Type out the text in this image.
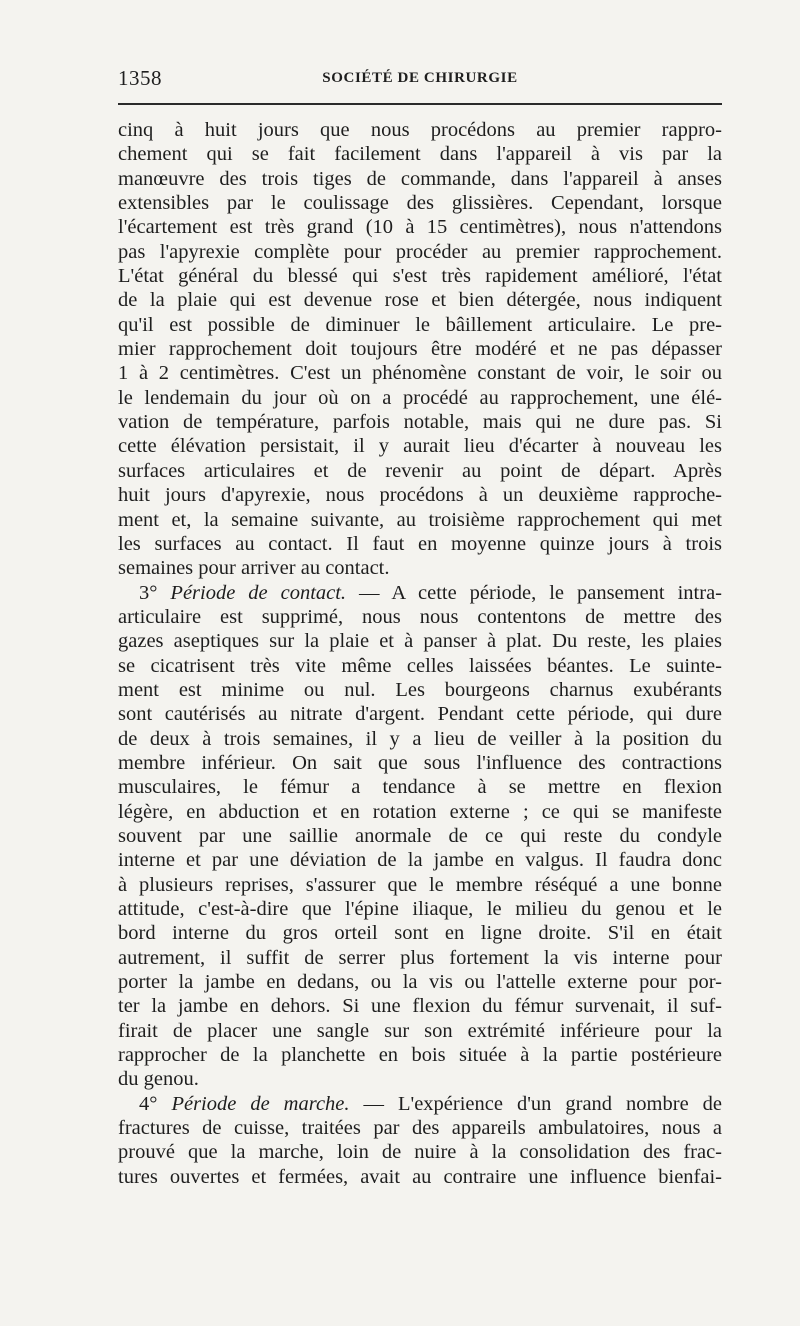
1358	SOCIÉTÉ DE CHIRURGIE
cinq à huit jours que nous procédons au premier rappro-
chement qui se fait facilement dans l'appareil à vis par la
manœuvre des trois tiges de commande, dans l'appareil à anses
extensibles par le coulissage des glissières. Cependant, lorsque
l'écartement est très grand (10 à 15 centimètres), nous n'attendons
pas l'apyrexie complète pour procéder au premier rapprochement.
L'état général du blessé qui s'est très rapidement amélioré, l'état
de la plaie qui est devenue rose et bien détergée, nous indiquent
qu'il est possible de diminuer le bâillement articulaire. Le pre-
mier rapprochement doit toujours être modéré et ne pas dépasser
1 à 2 centimètres. C'est un phénomène constant de voir, le soir ou
le lendemain du jour où on a procédé au rapprochement, une élé-
vation de température, parfois notable, mais qui ne dure pas. Si
cette élévation persistait, il y aurait lieu d'écarter à nouveau les
surfaces articulaires et de revenir au point de départ. Après
huit jours d'apyrexie, nous procédons à un deuxième rapproche-
ment et, la semaine suivante, au troisième rapprochement qui met
les surfaces au contact. Il faut en moyenne quinze jours à trois
semaines pour arriver au contact.
3° Période de contact. — A cette période, le pansement intra-
articulaire est supprimé, nous nous contentons de mettre des
gazes aseptiques sur la plaie et à panser à plat. Du reste, les plaies
se cicatrisent très vite même celles laissées béantes. Le suinte-
ment est minime ou nul. Les bourgeons charnus exubérants
sont cautérisés au nitrate d'argent. Pendant cette période, qui dure
de deux à trois semaines, il y a lieu de veiller à la position du
membre inférieur. On sait que sous l'influence des contractions
musculaires, le fémur a tendance à se mettre en flexion
légère, en abduction et en rotation externe ; ce qui se manifeste
souvent par une saillie anormale de ce qui reste du condyle
interne et par une déviation de la jambe en valgus. Il faudra donc
à plusieurs reprises, s'assurer que le membre réséqué a une bonne
attitude, c'est-à-dire que l'épine iliaque, le milieu du genou et le
bord interne du gros orteil sont en ligne droite. S'il en était
autrement, il suffit de serrer plus fortement la vis interne pour
porter la jambe en dedans, ou la vis ou l'attelle externe pour por-
ter la jambe en dehors. Si une flexion du fémur survenait, il suf-
firait de placer une sangle sur son extrémité inférieure pour la
rapprocher de la planchette en bois située à la partie postérieure
du genou.
4° Période de marche. — L'expérience d'un grand nombre de
fractures de cuisse, traitées par des appareils ambulatoires, nous a
prouvé que la marche, loin de nuire à la consolidation des frac-
tures ouvertes et fermées, avait au contraire une influence bienfai-
